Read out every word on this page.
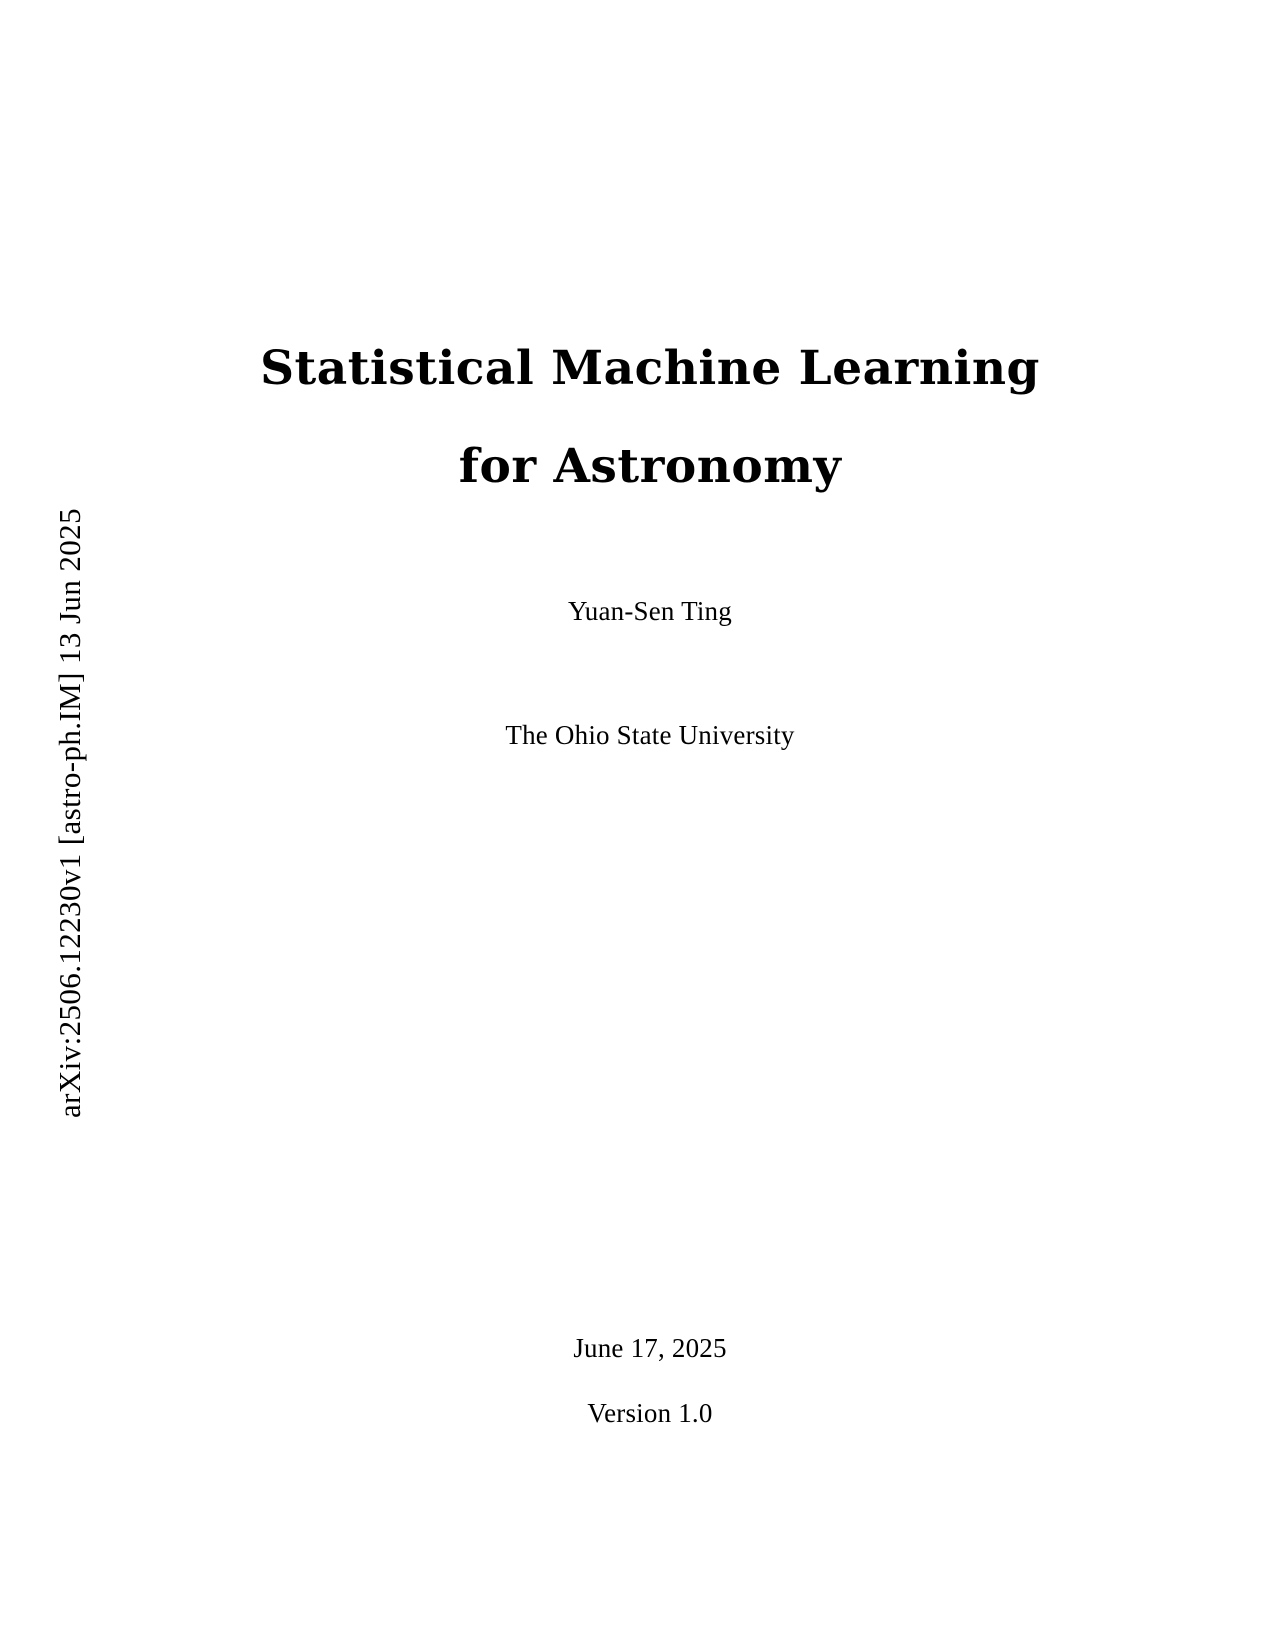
arXiv:2506.12230v1 [astro-ph.IM] 13 Jun 2025
Statistical Machine Learning
for Astronomy
Yuan-Sen Ting
The Ohio State University
June 17, 2025
Version 1.0
